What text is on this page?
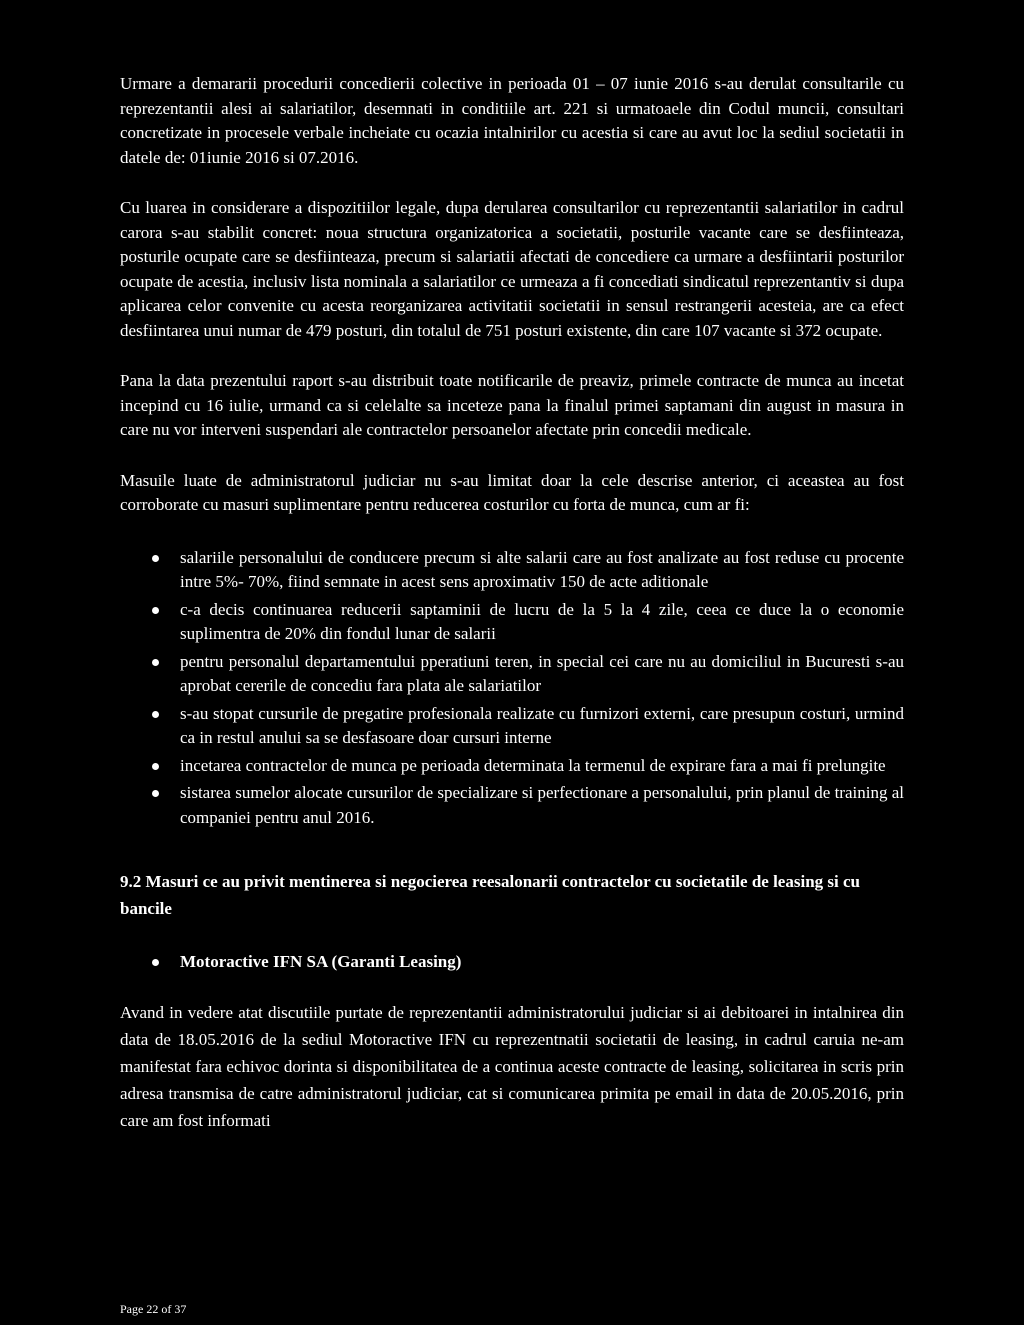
Urmare a demararii procedurii concedierii colective in perioada 01 – 07 iunie 2016 s-au derulat consultarile cu reprezentantii alesi ai salariatilor, desemnati in conditiile art. 221 si urmatoaele din Codul muncii, consultari concretizate in procesele verbale incheiate cu ocazia intalnirilor cu acestia si care au avut loc la sediul societatii in datele de: 01iunie 2016 si 07.2016.

Cu luarea in considerare a dispozitiilor legale, dupa derularea consultarilor cu reprezentantii salariatilor in cadrul carora s-au stabilit concret: noua structura organizatorica a societatii, posturile vacante care se desfiinteaza, posturile ocupate care se desfiinteaza, precum si salariatii afectati de concediere ca urmare a desfiintarii posturilor ocupate de acestia, inclusiv lista nominala a salariatilor ce urmeaza a fi concediati sindicatul reprezentantiv si dupa aplicarea celor convenite cu acesta reorganizarea activitatii societatii in sensul restrangerii acesteia, are ca efect desfiintarea unui numar de 479 posturi, din totalul de 751 posturi existente, din care 107 vacante si 372 ocupate.

Pana la data prezentului raport s-au distribuit toate notificarile de preaviz, primele contracte de munca au incetat incepind cu 16 iulie, urmand ca si celelalte sa inceteze pana la finalul primei saptamani din august in masura in care nu vor interveni suspendari ale contractelor persoanelor afectate prin concedii medicale.

Masuile luate de administratorul judiciar nu s-au limitat doar la cele descrise anterior, ci aceastea au fost corroborate cu masuri suplimentare pentru reducerea costurilor cu forta de munca, cum ar fi:

salariile personalului de conducere precum si alte salarii care au fost analizate au fost reduse cu procente intre 5%- 70%, fiind semnate in acest sens aproximativ 150 de acte aditionale
c-a decis continuarea reducerii saptaminii de lucru de la 5 la 4 zile, ceea ce duce la o economie suplimentra de 20% din fondul lunar de salarii
pentru personalul departamentului pperatiuni teren, in special cei care nu au domiciliul in Bucuresti s-au aprobat cererile de concediu fara plata ale salariatilor
s-au stopat cursurile de pregatire profesionala realizate cu furnizori externi, care presupun costuri, urmind ca in restul anului sa se desfasoare doar cursuri interne
incetarea contractelor de munca pe perioada determinata la termenul de expirare fara a mai fi prelungite
sistarea sumelor alocate cursurilor de specializare si perfectionare a personalului, prin planul de training al companiei pentru anul 2016.
9.2 Masuri ce au privit mentinerea si negocierea reesalonarii contractelor cu societatile de leasing si cu bancile
Motoractive IFN SA (Garanti Leasing)

Avand in vedere atat discutiile purtate de reprezentantii administratorului judiciar si ai debitoarei in intalnirea din data de 18.05.2016 de la sediul Motoractive IFN cu reprezentnatii societatii de leasing, in cadrul caruia ne-am manifestat fara echivoc dorinta si disponibilitatea de a continua aceste contracte de leasing, solicitarea in scris prin adresa transmisa de catre administratorul judiciar, cat si comunicarea primita pe email in data de 20.05.2016, prin care am fost informati

Page 22 of 37
